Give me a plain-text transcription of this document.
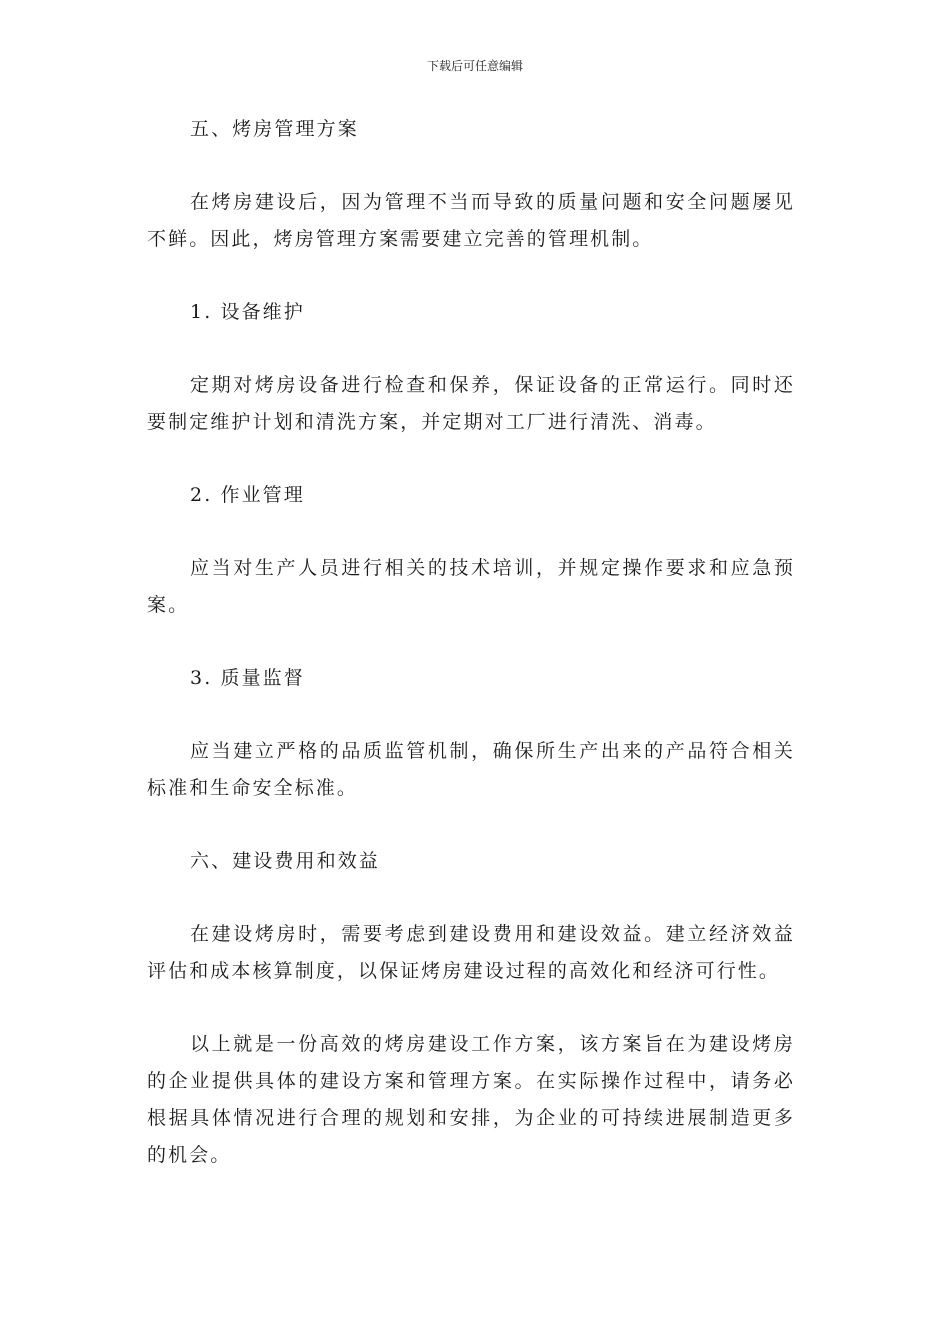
下载后可任意编辑

五、烤房管理方案

在烤房建设后，因为管理不当而导致的质量问题和安全问题屡见不鲜。因此，烤房管理方案需要建立完善的管理机制。

1. 设备维护

定期对烤房设备进行检查和保养，保证设备的正常运行。同时还要制定维护计划和清洗方案，并定期对工厂进行清洗、消毒。

2. 作业管理

应当对生产人员进行相关的技术培训，并规定操作要求和应急预案。

3. 质量监督

应当建立严格的品质监管机制，确保所生产出来的产品符合相关标准和生命安全标准。

六、建设费用和效益

在建设烤房时，需要考虑到建设费用和建设效益。建立经济效益评估和成本核算制度，以保证烤房建设过程的高效化和经济可行性。

以上就是一份高效的烤房建设工作方案，该方案旨在为建设烤房的企业提供具体的建设方案和管理方案。在实际操作过程中，请务必根据具体情况进行合理的规划和安排，为企业的可持续进展制造更多的机会。
